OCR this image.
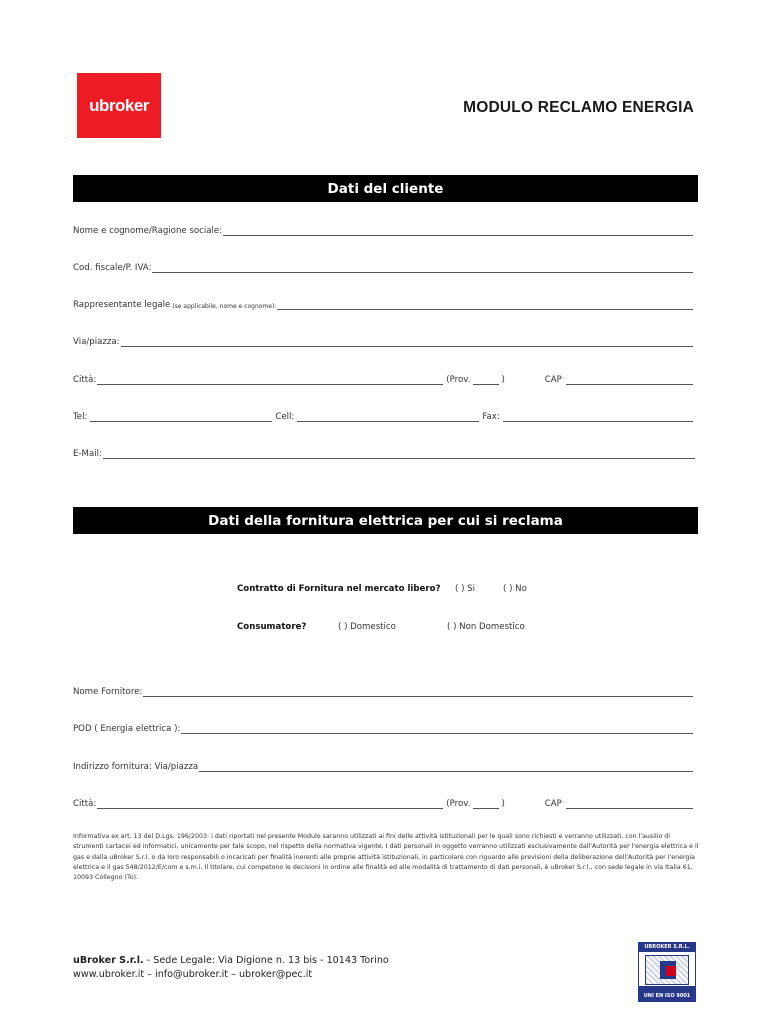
ubroker	MODULO RECLAMO ENERGIA
Dati del cliente
Nome e cognome/Ragione sociale:
Cod. fiscale/P. IVA:
Rappresentante legale (se applicabile, nome e cognome):
Via/piazza:
Città:	(Prov.	)	CAP
Tel:	Cell:	Fax:
E-Mail:
Dati della fornitura elettrica per cui si reclama
Contratto di Fornitura nel mercato libero? ( ) Si	( ) No
Consumatore?	( ) Domestico	( ) Non Domestico
Nome Fornitore:
POD ( Energia elettrica ):
Indirizzo fornitura: Via/piazza
Città:	(Prov.	)	CAP
Informativa ex art. 13 del D.Lgs. 196/2003: i dati riportati nel presente Modulo saranno utilizzati ai fini delle attività istituzionali per le quali sono richiesti e verranno utilizzati, con l'ausilio di strumenti cartacei ed informatici, unicamente per tale scopo, nel rispetto della normativa vigente. I dati personali in oggetto verranno utilizzati esclusivamente dall'Autorità per l'energia elettrica e il gas e dalla uBroker S.r.l. o da loro responsabili o incaricati per finalità inerenti alle proprie attività istituzionali, in particolare con riguardo alle previsioni della deliberazione dell'Autorità per l'energia elettrica e il gas 548/2012/E/com e s.m.i. Il titolare, cui competono le decisioni in ordine alle finalità ed alle modalità di trattamento di dati personali, è uBroker S.r.l., con sede legale in via Italia 61, 10093 Collegno (To).
uBroker S.r.l. - Sede Legale: Via Digione n. 13 bis - 10143 Torino
www.ubroker.it – info@ubroker.it – ubroker@pec.it
UBROKER S.R.L.
UNI EN ISO 9001
